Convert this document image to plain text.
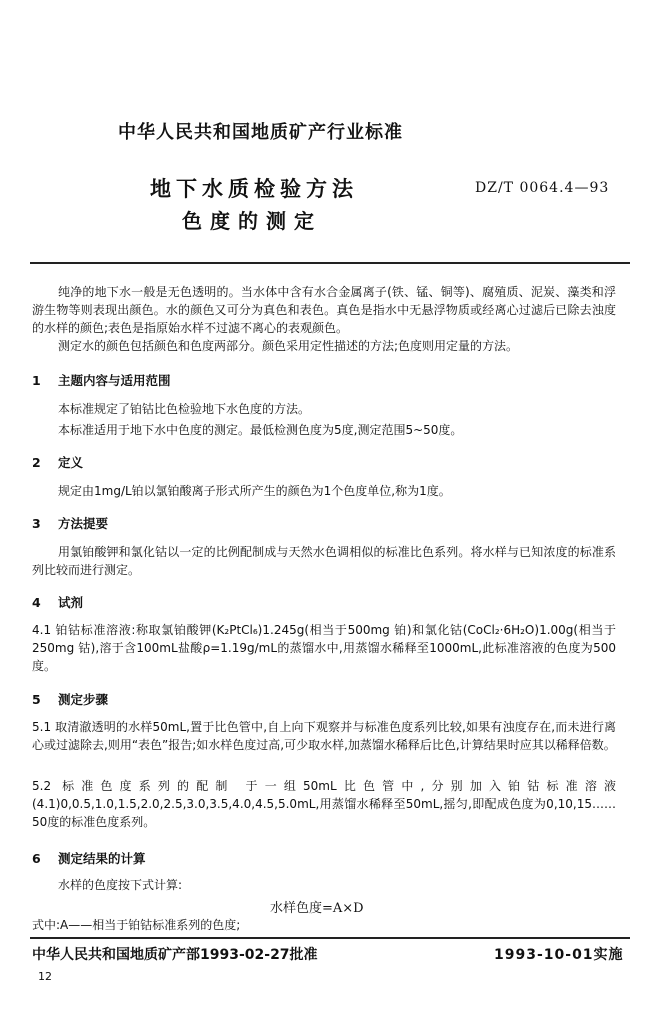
中华人民共和国地质矿产行业标准
地下水质检验方法
色度的测定
DZ/T 0064.4—93
纯净的地下水一般是无色透明的。当水体中含有水合金属离子(铁、锰、铜等)、腐殖质、泥炭、藻类和浮游生物等则表现出颜色。水的颜色又可分为真色和表色。真色是指水中无悬浮物质或经离心过滤后已除去浊度的水样的颜色;表色是指原始水样不过滤不离心的表观颜色。
测定水的颜色包括颜色和色度两部分。颜色采用定性描述的方法;色度则用定量的方法。
1 主题内容与适用范围
本标准规定了铂钴比色检验地下水色度的方法。
本标准适用于地下水中色度的测定。最低检测色度为5度,测定范围5~50度。
2 定义
规定由1mg/L铂以氯铂酸离子形式所产生的颜色为1个色度单位,称为1度。
3 方法提要
用氯铂酸钾和氯化钴以一定的比例配制成与天然水色调相似的标准比色系列。将水样与已知浓度的标准系列比较而进行测定。
4 试剂
4.1 铂钴标准溶液:称取氯铂酸钾(K₂PtCl₆)1.245g(相当于500mg 铂)和氯化钴(CoCl₂·6H₂O)1.00g(相当于250mg 钴),溶于含100mL盐酸ρ=1.19g/mL的蒸馏水中,用蒸馏水稀释至1000mL,此标准溶液的色度为500度。
5 测定步骤
5.1 取清澈透明的水样50mL,置于比色管中,自上向下观察并与标准色度系列比较,如果有浊度存在,而未进行离心或过滤除去,则用“表色”报告;如水样色度过高,可少取水样,加蒸馏水稀释后比色,计算结果时应其以稀释倍数。
5.2 标准色度系列的配制 于一组50mL比色管中,分别加入铂钴标准溶液(4.1)0,0.5,1.0,1.5,2.0,2.5,3.0,3.5,4.0,4.5,5.0mL,用蒸馏水稀释至50mL,摇匀,即配成色度为0,10,15……50度的标准色度系列。
6 测定结果的计算
水样的色度按下式计算:
水样色度=A×D
式中:A——相当于铂钴标准系列的色度;
中华人民共和国地质矿产部1993-02-27批准	1993-10-01实施
12
